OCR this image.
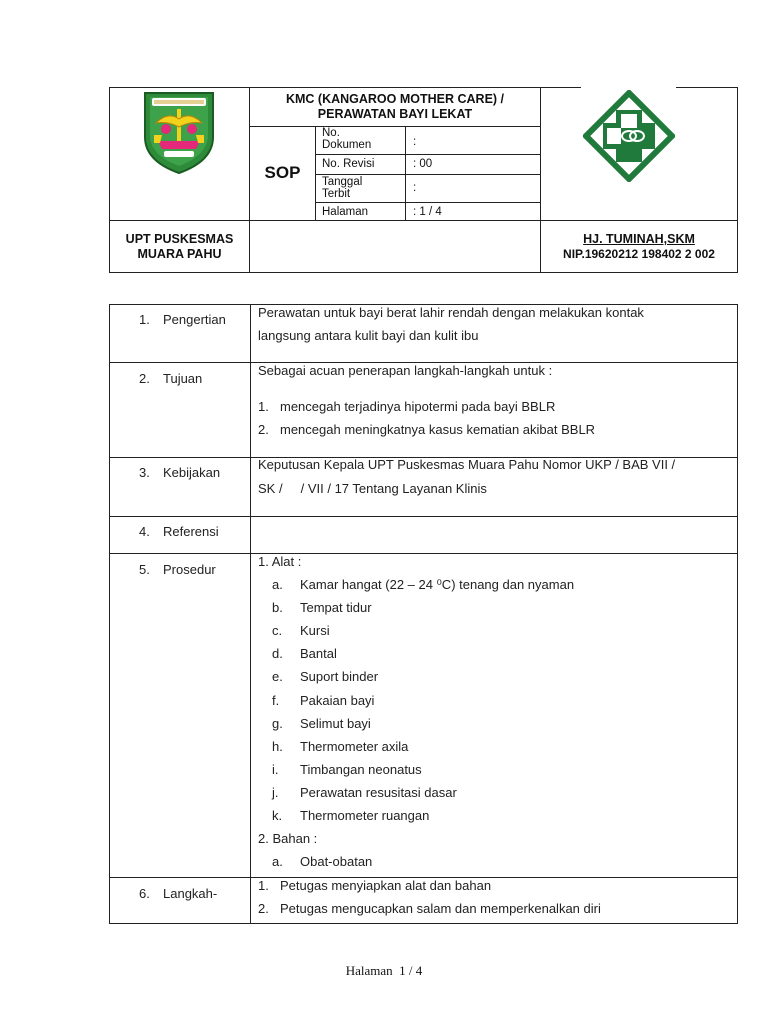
KMC (KANGAROO MOTHER CARE) /
PERAWATAN BAYI LEKAT
SOP
No.
Dokumen	:
No. Revisi	: 00
Tanggal
Terbit	:
Halaman	: 1 / 4
UPT PUSKESMAS
MUARA PAHU
HJ. TUMINAH,SKM
NIP.19620212 198402 2 002
1. Pengertian Perawatan untuk bayi berat lahir rendah dengan melakukan kontak
langsung antara kulit bayi dan kulit ibu
2. Tujuan
Sebagai acuan penerapan langkah-langkah untuk :
1. mencegah terjadinya hipotermi pada bayi BBLR
2. mencegah meningkatnya kasus kematian akibat BBLR
3. Kebijakan
Keputusan Kepala UPT Puskesmas Muara Pahu Nomor UKP / BAB VII /
SK /     / VII / 17 Tentang Layanan Klinis
4. Referensi
5. Prosedur
1. Alat :
a. Kamar hangat (22 – 24 ⁰C) tenang dan nyaman
b. Tempat tidur
c. Kursi
d. Bantal
e. Suport binder
f. Pakaian bayi
g. Selimut bayi
h. Thermometer axila
i. Timbangan neonatus
j. Perawatan resusitasi dasar
k. Thermometer ruangan
2. Bahan :
a. Obat-obatan
6. Langkah-
1. Petugas menyiapkan alat dan bahan
2. Petugas mengucapkan salam dan memperkenalkan diri
Halaman 1 / 4
